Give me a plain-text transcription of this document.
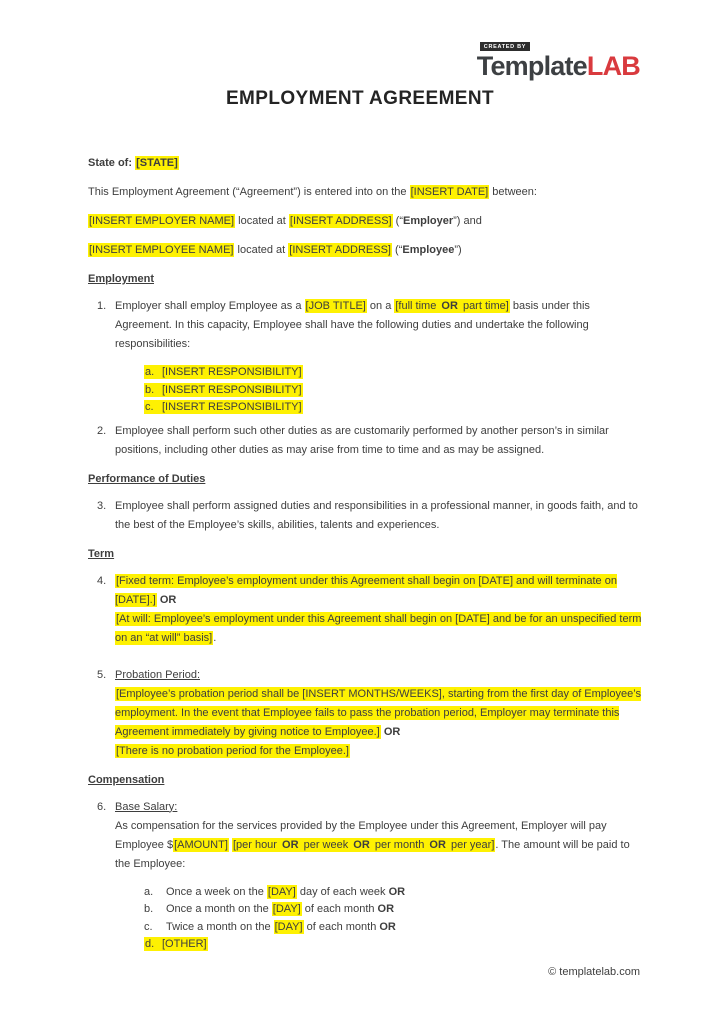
CREATED BY
TemplateLAB
EMPLOYMENT AGREEMENT

State of: [STATE]

This Employment Agreement (“Agreement”) is entered into on the [INSERT DATE] between:

[INSERT EMPLOYER NAME] located at [INSERT ADDRESS] (“Employer”) and

[INSERT EMPLOYEE NAME] located at [INSERT ADDRESS] (“Employee”)

Employment

1. Employer shall employ Employee as a [JOB TITLE] on a [full time OR part time] basis under this Agreement. In this capacity, Employee shall have the following duties and undertake the following responsibilities:
a. [INSERT RESPONSIBILITY]
b. [INSERT RESPONSIBILITY]
c. [INSERT RESPONSIBILITY]
2. Employee shall perform such other duties as are customarily performed by another person’s in similar positions, including other duties as may arise from time to time and as may be assigned.

Performance of Duties

3. Employee shall perform assigned duties and responsibilities in a professional manner, in goods faith, and to the best of the Employee’s skills, abilities, talents and experiences.

Term

4. [Fixed term: Employee’s employment under this Agreement shall begin on [DATE] and will terminate on [DATE].] OR
[At will: Employee’s employment under this Agreement shall begin on [DATE] and be for an unspecified term on an “at will” basis].
5. Probation Period:
[Employee’s probation period shall be [INSERT MONTHS/WEEKS], starting from the first day of Employee’s employment. In the event that Employee fails to pass the probation period, Employer may terminate this Agreement immediately by giving notice to Employee.] OR
[There is no probation period for the Employee.]

Compensation

6. Base Salary:
As compensation for the services provided by the Employee under this Agreement, Employer will pay Employee $[AMOUNT] [per hour OR per week OR per month OR per year]. The amount will be paid to the Employee:
a. Once a week on the [DAY] day of each week OR
b. Once a month on the [DAY] of each month OR
c. Twice a month on the [DAY] of each month OR
d. [OTHER]
© templatelab.com
